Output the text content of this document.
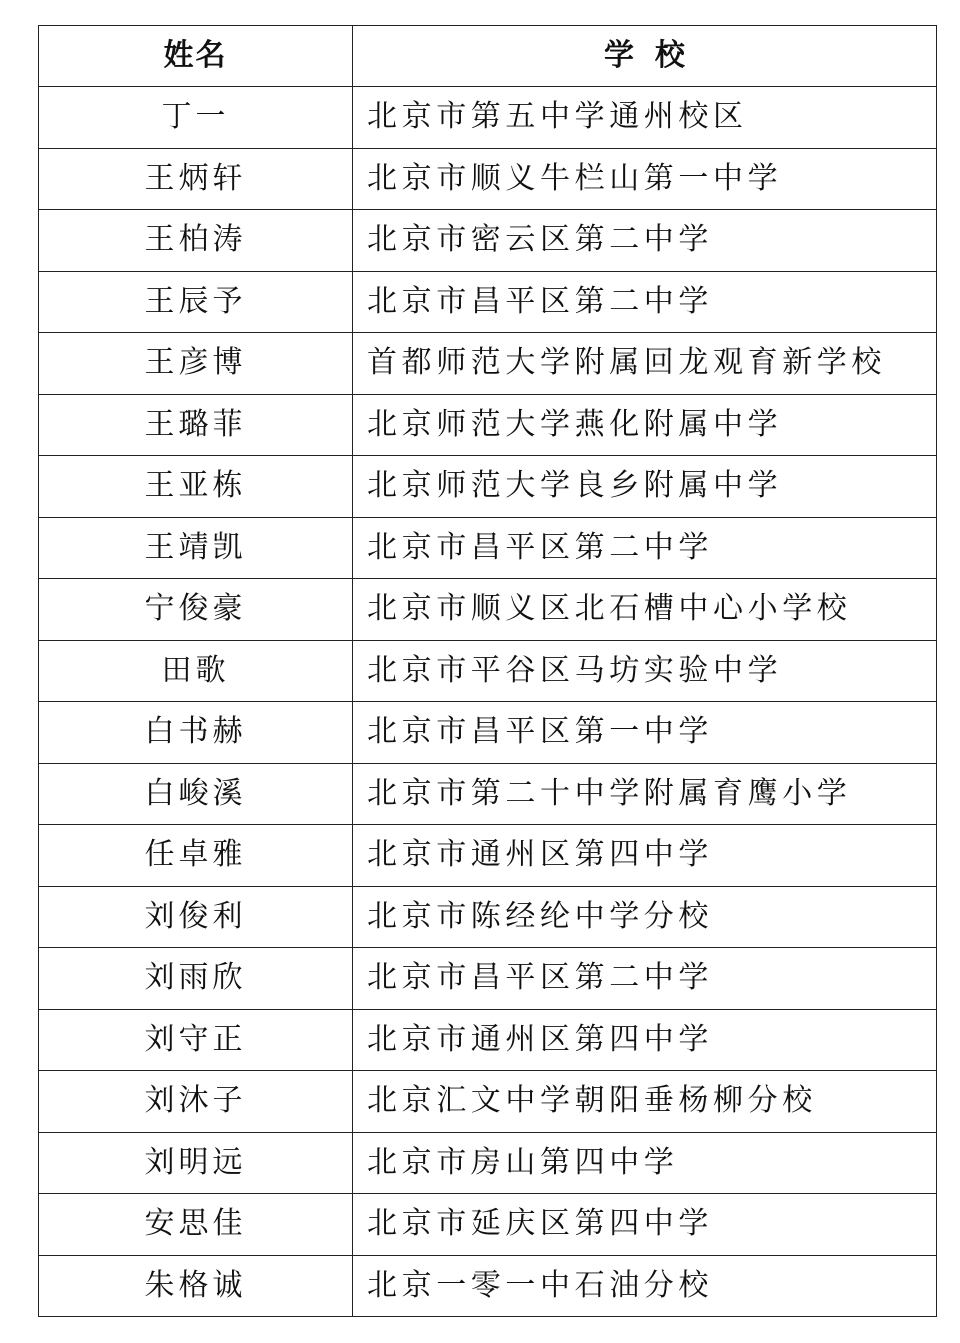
姓名	学  校
丁一	北京市第五中学通州校区
王炳轩	北京市顺义牛栏山第一中学
王柏涛	北京市密云区第二中学
王辰予	北京市昌平区第二中学
王彦博	首都师范大学附属回龙观育新学校
王璐菲	北京师范大学燕化附属中学
王亚栋	北京师范大学良乡附属中学
王靖凯	北京市昌平区第二中学
宁俊豪	北京市顺义区北石槽中心小学校
田歌	北京市平谷区马坊实验中学
白书赫	北京市昌平区第一中学
白峻溪	北京市第二十中学附属育鹰小学
任卓雅	北京市通州区第四中学
刘俊利	北京市陈经纶中学分校
刘雨欣	北京市昌平区第二中学
刘守正	北京市通州区第四中学
刘沐子	北京汇文中学朝阳垂杨柳分校
刘明远	北京市房山第四中学
安思佳	北京市延庆区第四中学
朱格诚	北京一零一中石油分校
